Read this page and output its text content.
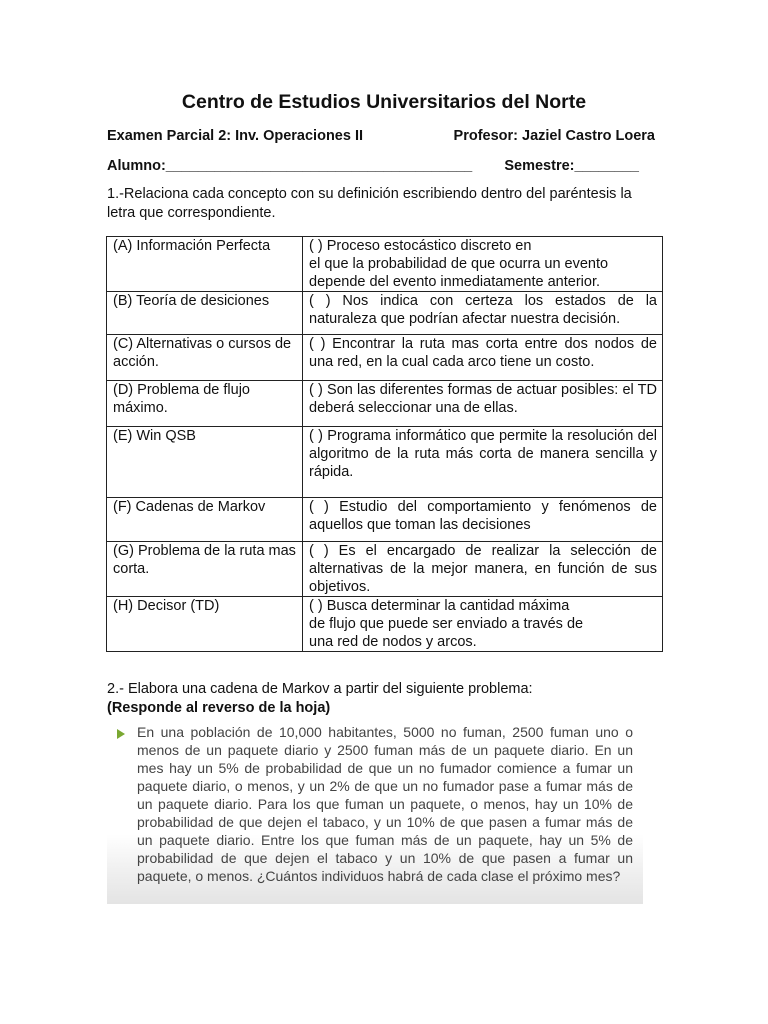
Centro de Estudios Universitarios del Norte
Examen Parcial 2: Inv. Operaciones II	Profesor: Jaziel Castro Loera
Alumno:______________________________________ Semestre:________
1.-Relaciona cada concepto con su definición escribiendo dentro del paréntesis la letra que correspondiente.
(A) Información Perfecta	( ) Proceso estocástico discreto en
el que la probabilidad de que ocurra un evento
depende del evento inmediatamente anterior.
(B) Teoría de desiciones	( ) Nos indica con certeza los estados de la naturaleza que podrían afectar nuestra decisión.
(C) Alternativas o cursos de acción.	( ) Encontrar la ruta mas corta entre dos nodos de una red, en la cual cada arco tiene un costo.
(D) Problema de flujo máximo.	( ) Son las diferentes formas de actuar posibles: el TD deberá seleccionar una de ellas.
(E) Win QSB	( ) Programa informático que permite la resolución del algoritmo de la ruta más corta de manera sencilla y rápida.
(F) Cadenas de Markov	( ) Estudio del comportamiento y fenómenos de aquellos que toman las decisiones
(G) Problema de la ruta mas corta.	( ) Es el encargado de realizar la selección de alternativas de la mejor manera, en función de sus objetivos.
(H) Decisor (TD)	( ) Busca determinar la cantidad máxima
de flujo que puede ser enviado a través de
una red de nodos y arcos.
2.- Elabora una cadena de Markov a partir del siguiente problema:
(Responde al reverso de la hoja)
En una población de 10,000 habitantes, 5000 no fuman, 2500 fuman uno o menos de un paquete diario y 2500 fuman más de un paquete diario. En un mes hay un 5% de probabilidad de que un no fumador comience a fumar un paquete diario, o menos, y un 2% de que un no fumador pase a fumar más de un paquete diario. Para los que fuman un paquete, o menos, hay un 10% de probabilidad de que dejen el tabaco, y un 10% de que pasen a fumar más de un paquete diario. Entre los que fuman más de un paquete, hay un 5% de probabilidad de que dejen el tabaco y un 10% de que pasen a fumar un paquete, o menos. ¿Cuántos individuos habrá de cada clase el próximo mes?
